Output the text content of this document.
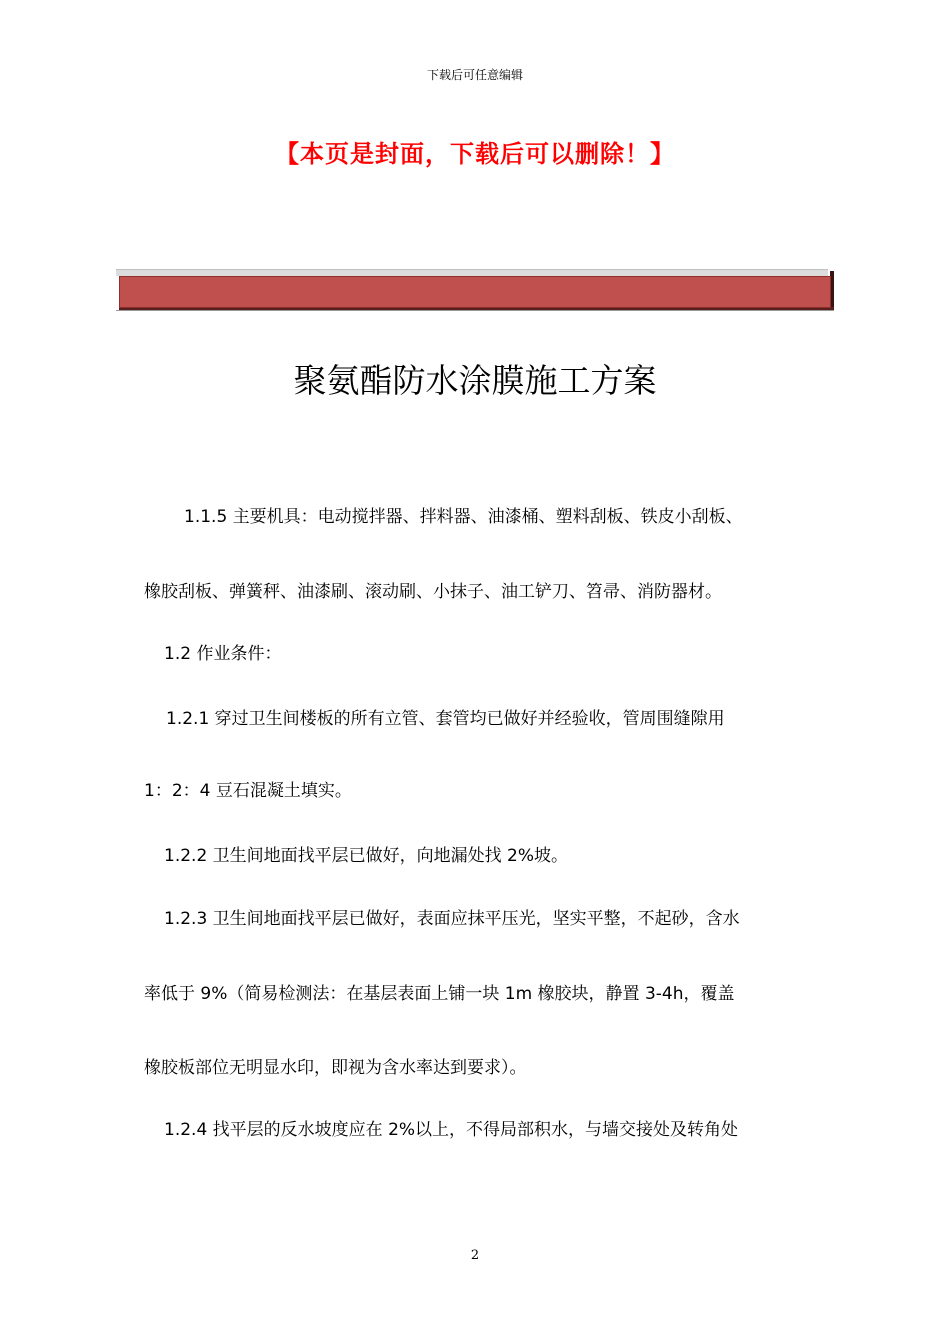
下载后可任意编辑
【本页是封面，下载后可以删除！】
聚氨酯防水涂膜施工方案
1.1.5 主要机具：电动搅拌器、拌料器、油漆桶、塑料刮板、铁皮小刮板、
橡胶刮板、弹簧秤、油漆刷、滚动刷、小抹子、油工铲刀、笤帚、消防器材。
1.2 作业条件：
1.2.1 穿过卫生间楼板的所有立管、套管均已做好并经验收，管周围缝隙用
1：2：4 豆石混凝土填实。
1.2.2 卫生间地面找平层已做好，向地漏处找 2%坡。
1.2.3 卫生间地面找平层已做好，表面应抹平压光，坚实平整，不起砂，含水
率低于 9%（简易检测法：在基层表面上铺一块 1m 橡胶块，静置 3-4h，覆盖
橡胶板部位无明显水印，即视为含水率达到要求）。
1.2.4 找平层的反水坡度应在 2%以上，不得局部积水，与墙交接处及转角处
2
